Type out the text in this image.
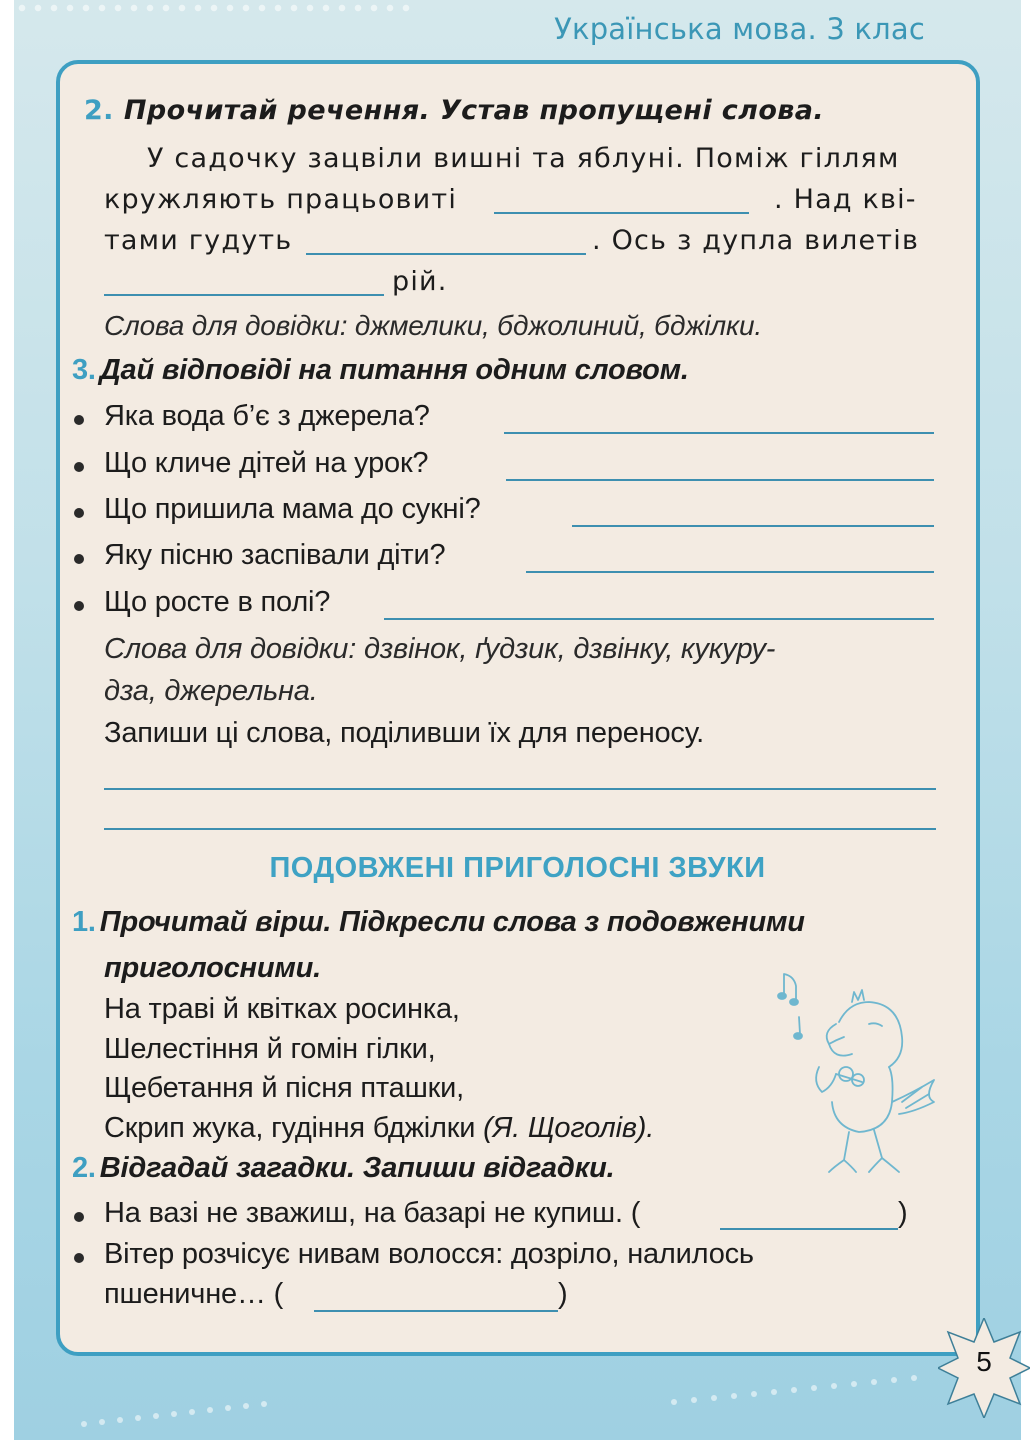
Українська мова. 3 клас
2. Прочитай речення. Устав пропущені слова.
У садочку зацвіли вишні та яблуні. Поміж гіллям
кружляють працьовиті	. Над кві-
тами гудуть	. Ось з дупла вилетів
рій.
Слова для довідки: джмелики, бджолиний, бджілки.
3. Дай відповіді на питання одним словом.
Яка вода б’є з джерела?
Що кличе дітей на урок?
Що пришила мама до сукні?
Яку пісню заспівали діти?
Що росте в полі?
Слова для довідки: дзвінок, ґудзик, дзвінку, кукуру-
дза, джерельна.
Запиши ці слова, поділивши їх для переносу.
ПОДОВЖЕНІ ПРИГОЛОСНІ ЗВУКИ
1. Прочитай вірш. Підкресли слова з подовженими
приголосними.
На траві й квітках росинка,
Шелестіння й гомін гілки,
Щебетання й пісня пташки,
Скрип жука, гудіння бджілки (Я. Щоголів).
2. Відгадай загадки. Запиши відгадки.
На вазі не зважиш, на базарі не купиш. (	)
Вітер розчісує нивам волосся: дозріло, налилось
пшеничне… (	)
5
